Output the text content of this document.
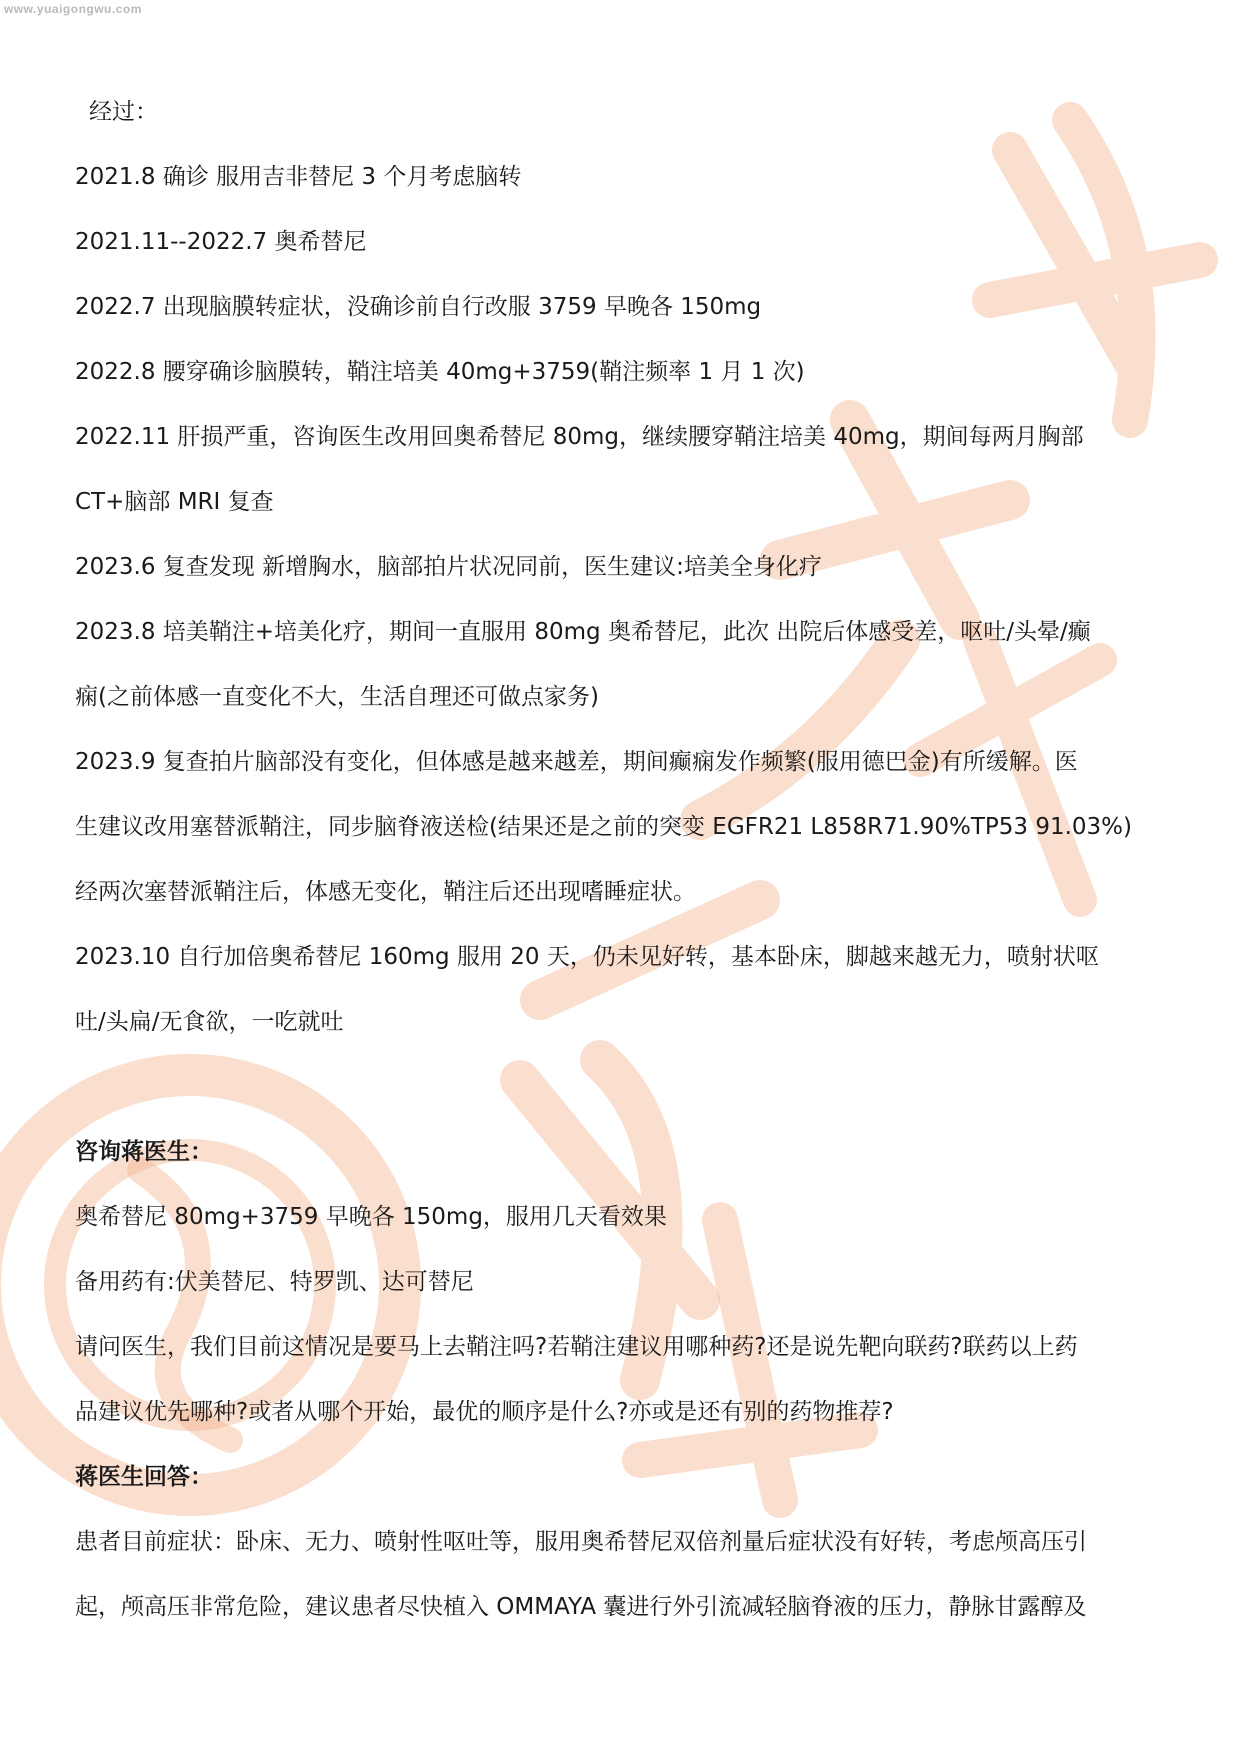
www.yuaigongwu.com
经过：
2021.8 确诊 服用吉非替尼 3 个月考虑脑转
2021.11--2022.7 奥希替尼
2022.7 出现脑膜转症状，没确诊前自行改服 3759 早晚各 150mg
2022.8 腰穿确诊脑膜转，鞘注培美 40mg+3759(鞘注频率 1 月 1 次)
2022.11 肝损严重，咨询医生改用回奥希替尼 80mg，继续腰穿鞘注培美 40mg，期间每两月胸部
CT+脑部 MRI 复查
2023.6 复查发现 新增胸水，脑部拍片状况同前，医生建议:培美全身化疗
2023.8 培美鞘注+培美化疗，期间一直服用 80mg 奥希替尼，此次 出院后体感受差，呕吐/头晕/癫
痫(之前体感一直变化不大，生活自理还可做点家务)
2023.9 复查拍片脑部没有变化，但体感是越来越差，期间癫痫发作频繁(服用德巴金)有所缓解。医
生建议改用塞替派鞘注，同步脑脊液送检(结果还是之前的突变 EGFR21 L858R71.90%TP53 91.03%)
经两次塞替派鞘注后，体感无变化，鞘注后还出现嗜睡症状。
2023.10 自行加倍奥希替尼 160mg 服用 20 天，仍未见好转，基本卧床，脚越来越无力，喷射状呕
吐/头扁/无食欲，一吃就吐
咨询蒋医生：
奥希替尼 80mg+3759 早晚各 150mg，服用几天看效果
备用药有:伏美替尼、特罗凯、达可替尼
请问医生，我们目前这情况是要马上去鞘注吗?若鞘注建议用哪种药?还是说先靶向联药?联药以上药
品建议优先哪种?或者从哪个开始，最优的顺序是什么?亦或是还有别的药物推荐?
蒋医生回答：
患者目前症状：卧床、无力、喷射性呕吐等，服用奥希替尼双倍剂量后症状没有好转，考虑颅高压引
起，颅高压非常危险，建议患者尽快植入 OMMAYA 囊进行外引流减轻脑脊液的压力，静脉甘露醇及
